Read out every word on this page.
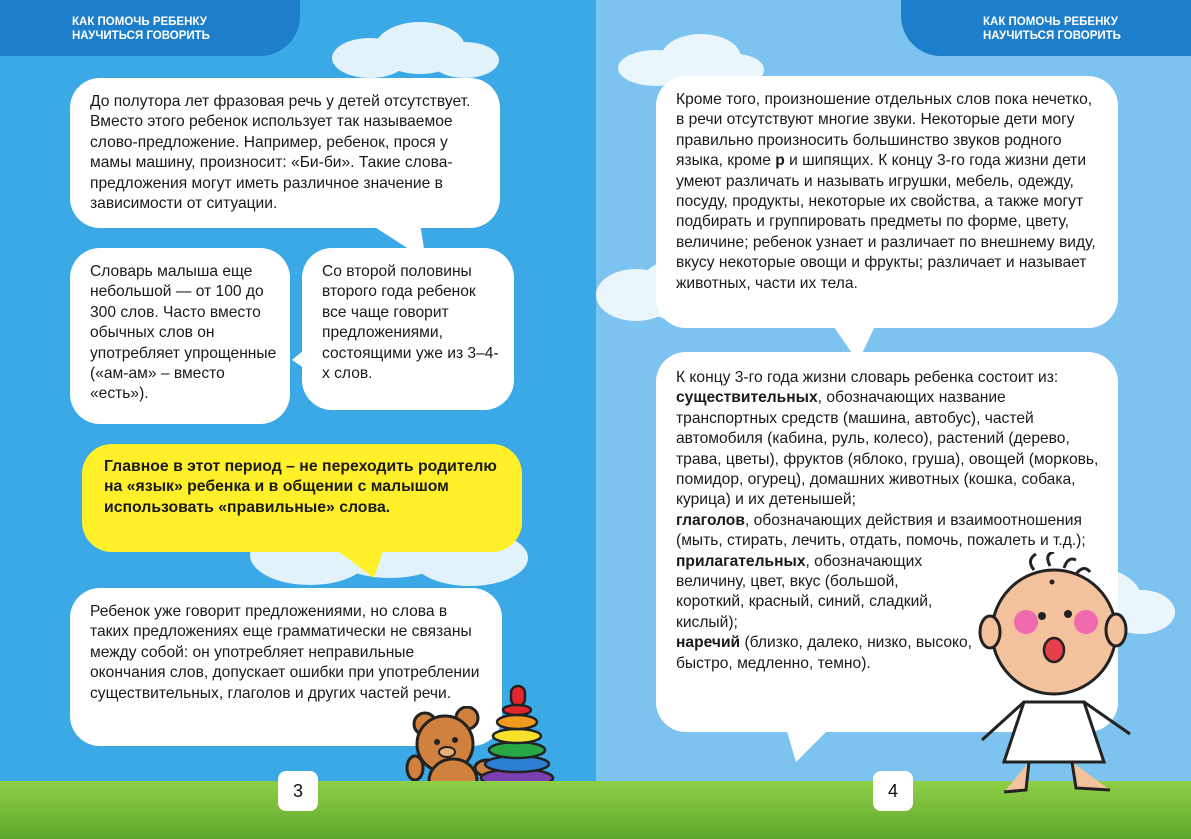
КАК ПОМОЧЬ РЕБЕНКУ
НАУЧИТЬСЯ ГОВОРИТЬ
До полутора лет фразовая речь у детей отсутствует. Вместо этого ребенок использует так называемое слово-предложение. Например, ребенок, прося у мамы машину, произносит: «Би-би». Такие слова-предложения могут иметь различное значение в зависимости от ситуации.
Словарь малыша еще небольшой — от 100 до 300 слов. Часто вместо обычных слов он употребляет упрощенные («ам-ам» – вместо «есть»).
Со второй половины второго года ребенок все чаще говорит предложениями, состоящими уже из 3–4-х слов.
Главное в этот период – не переходить родителю на «язык» ребенка и в общении с малышом использовать «правильные» слова.
Ребенок уже говорит предложениями, но слова в таких предложениях еще грамматически не связаны между собой: он употребляет неправильные окончания слов, допускает ошибки при употреблении существительных, глаголов и других частей речи.
3
КАК ПОМОЧЬ РЕБЕНКУ
НАУЧИТЬСЯ ГОВОРИТЬ
Кроме того, произношение отдельных слов пока нечетко, в речи отсутствуют многие звуки. Некоторые дети могу правильно произносить большинство звуков родного языка, кроме р и шипящих. К концу 3-го года жизни дети умеют различать и называть игрушки, мебель, одежду, посуду, продукты, некоторые их свойства, а также могут подбирать и группировать предметы по форме, цвету, величине; ребенок узнает и различает по внешнему виду, вкусу некоторые овощи и фрукты; различает и называет животных, части их тела.
К концу 3-го года жизни словарь ребенка состоит из:
существительных, обозначающих название транспортных средств (машина, автобус), частей автомобиля (кабина, руль, колесо), растений (дерево, трава, цветы), фруктов (яблоко, груша), овощей (морковь, помидор, огурец), домашних животных (кошка, собака, курица) и их детенышей;
глаголов, обозначающих действия и взаимоотношения (мыть, стирать, лечить, отдать, помочь, пожалеть и т.д.);
прилагательных, обозначающих величину, цвет, вкус (большой, короткий, красный, синий, сладкий, кислый);
наречий (близко, далеко, низко, высоко, быстро, медленно, темно).
4
